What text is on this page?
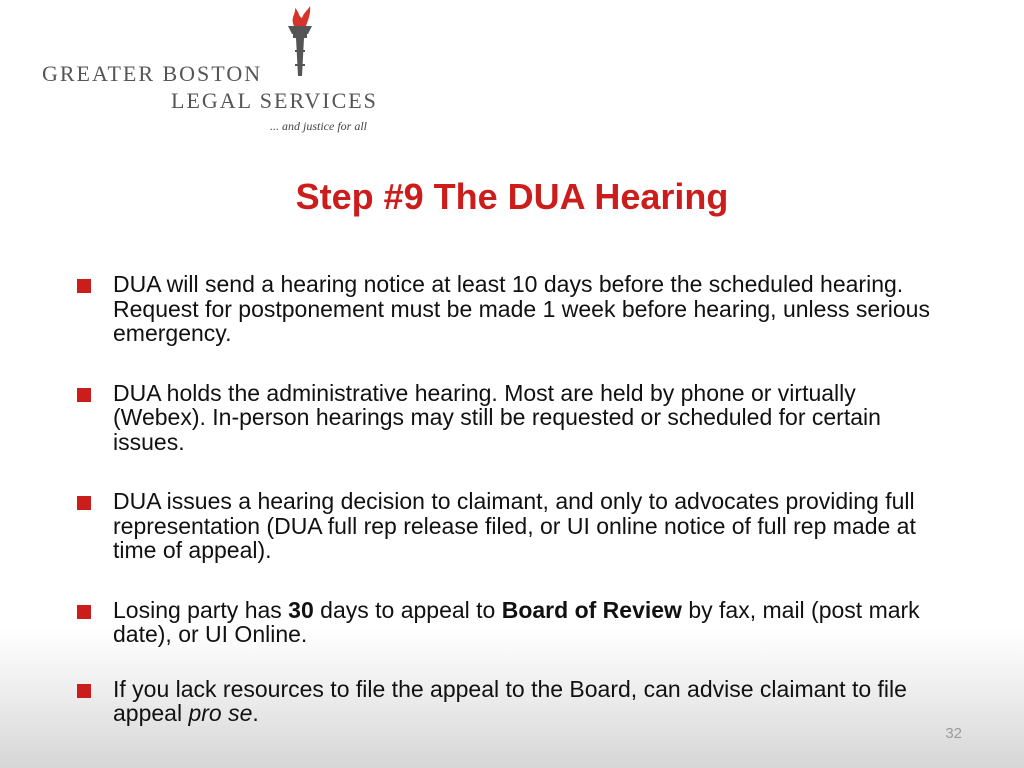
GREATER BOSTON
LEGAL SERVICES
... and justice for all
Step #9 The DUA Hearing
DUA will send a hearing notice at least 10 days before the scheduled hearing. Request for postponement must be made 1 week before hearing, unless serious emergency.
DUA holds the administrative hearing. Most are held by phone or virtually (Webex). In-person hearings may still be requested or scheduled for certain issues.
DUA issues a hearing decision to claimant, and only to advocates providing full representation (DUA full rep release filed, or UI online notice of full rep made at time of appeal).
Losing party has 30 days to appeal to Board of Review by fax, mail (post mark date), or UI Online.
If you lack resources to file the appeal to the Board, can advise claimant to file appeal pro se.
32
